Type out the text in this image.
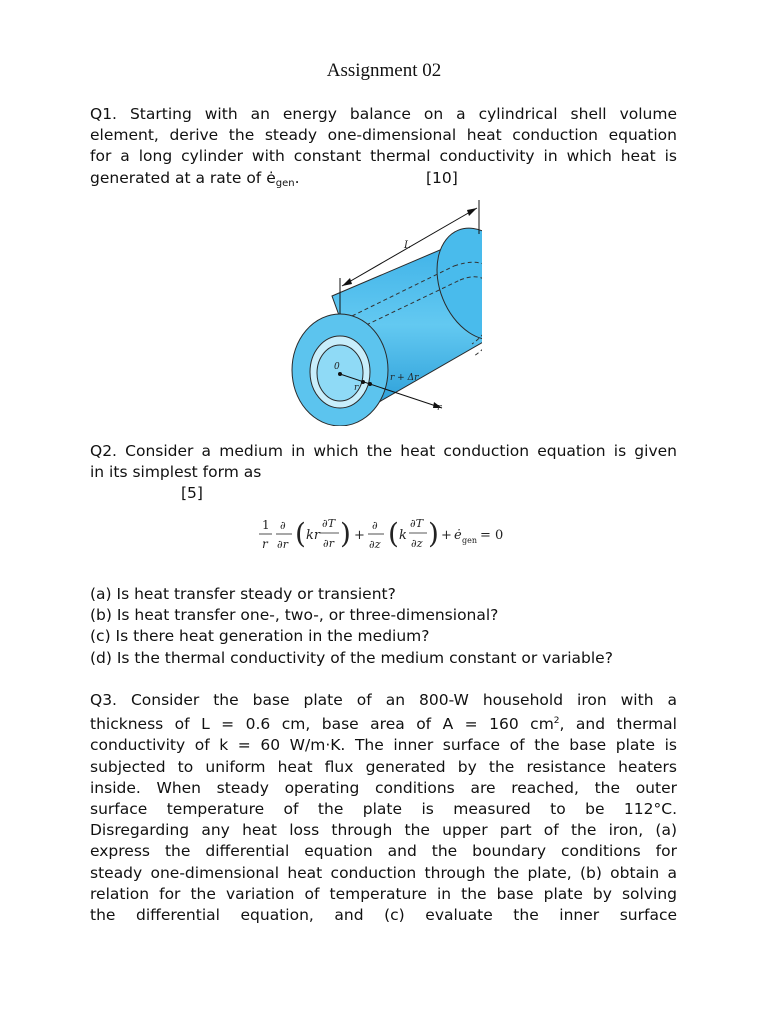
Assignment 02
Q1. Starting with an energy balance on a cylindrical shell volume
element, derive the steady one-dimensional heat conduction equation
for a long cylinder with constant thermal conductivity in which heat is
generated at a rate of $ė_{gen}$.	[10]
0
r
r + Δr
r
L
Q2. Consider a medium in which the heat conduction equation is given
in its simplest form as
[5]
1
r
∂
∂r ( kr
∂T
∂r ) +
∂
∂z ( k
∂T
∂z ) + ė gen = 0
(a) Is heat transfer steady or transient?
(b) Is heat transfer one-, two-, or three-dimensional?
(c) Is there heat generation in the medium?
(d) Is the thermal conductivity of the medium constant or variable?
Q3. Consider the base plate of an 800-W household iron with a
thickness of L = 0.6 cm, base area of A = 160 $cm^2$, and thermal
conductivity of k = 60 W/m·K. The inner surface of the base plate is
subjected to uniform heat flux generated by the resistance heaters
inside. When steady operating conditions are reached, the outer
surface temperature of the plate is measured to be 112°C.
Disregarding any heat loss through the upper part of the iron, (a)
express the differential equation and the boundary conditions for
steady one-dimensional heat conduction through the plate, (b) obtain a
relation for the variation of temperature in the base plate by solving
the differential equation, and (c) evaluate the inner surface
